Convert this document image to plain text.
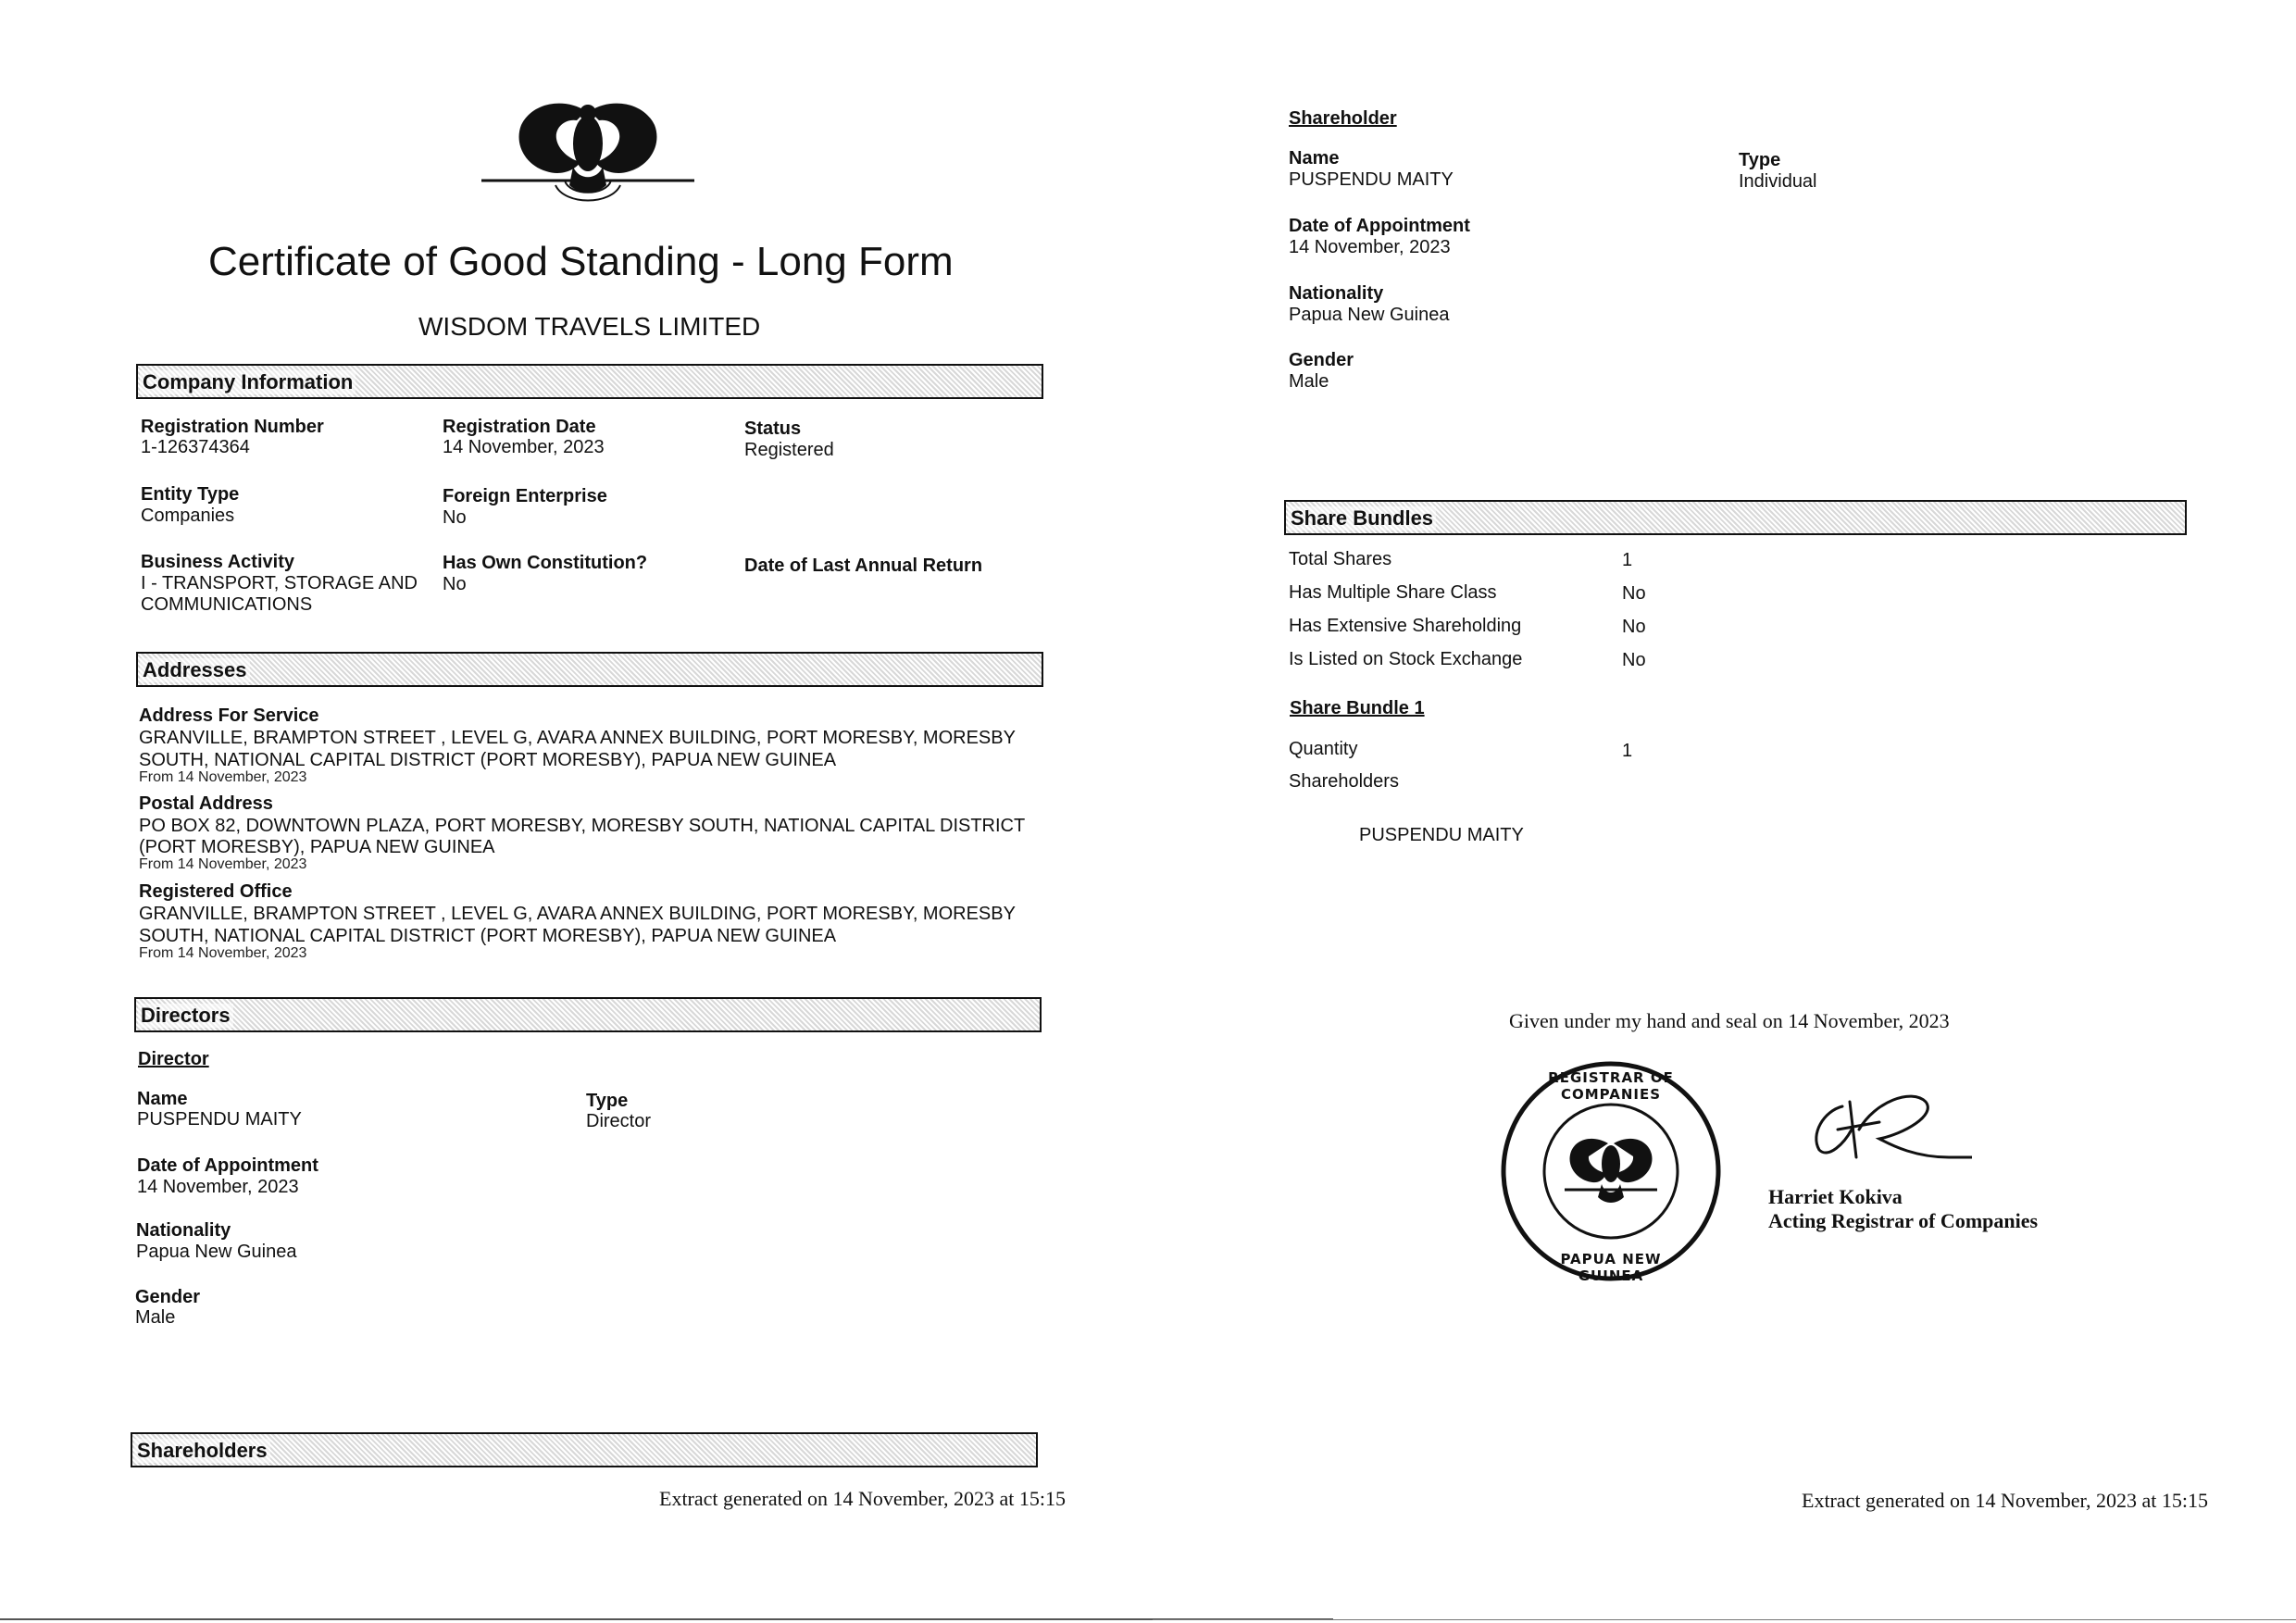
Certificate of Good Standing - Long Form
WISDOM TRAVELS LIMITED
Company Information
Registration Number
1-126374364
Registration Date
14 November, 2023
Status
Registered
Entity Type
Companies
Foreign Enterprise
No
Business Activity
I - TRANSPORT, STORAGE AND COMMUNICATIONS
Has Own Constitution?
No
Date of Last Annual Return
Addresses
Address For Service
GRANVILLE, BRAMPTON STREET , LEVEL G, AVARA ANNEX BUILDING, PORT MORESBY, MORESBY
SOUTH, NATIONAL CAPITAL DISTRICT (PORT MORESBY), PAPUA NEW GUINEA
From 14 November, 2023
Postal Address
PO BOX 82, DOWNTOWN PLAZA, PORT MORESBY, MORESBY SOUTH, NATIONAL CAPITAL DISTRICT
(PORT MORESBY), PAPUA NEW GUINEA
From 14 November, 2023
Registered Office
GRANVILLE, BRAMPTON STREET , LEVEL G, AVARA ANNEX BUILDING, PORT MORESBY, MORESBY
SOUTH, NATIONAL CAPITAL DISTRICT (PORT MORESBY), PAPUA NEW GUINEA
From 14 November, 2023
Directors
Director
Name
PUSPENDU MAITY
Type
Director
Date of Appointment
14 November, 2023
Nationality
Papua New Guinea
Gender
Male
Shareholders
Extract generated on 14 November, 2023 at 15:15
Shareholder
Name
PUSPENDU MAITY
Type
Individual
Date of Appointment
14 November, 2023
Nationality
Papua New Guinea
Gender
Male
Share Bundles
Total Shares	1
Has Multiple Share Class	No
Has Extensive Shareholding	No
Is Listed on Stock Exchange	No
Share Bundle 1
Quantity	1
Shareholders
PUSPENDU MAITY
Given under my hand and seal on 14 November, 2023
REGISTRAR OF COMPANIES
PAPUA NEW GUINEA
Harriet Kokiva
Acting Registrar of Companies
Extract generated on 14 November, 2023 at 15:15
